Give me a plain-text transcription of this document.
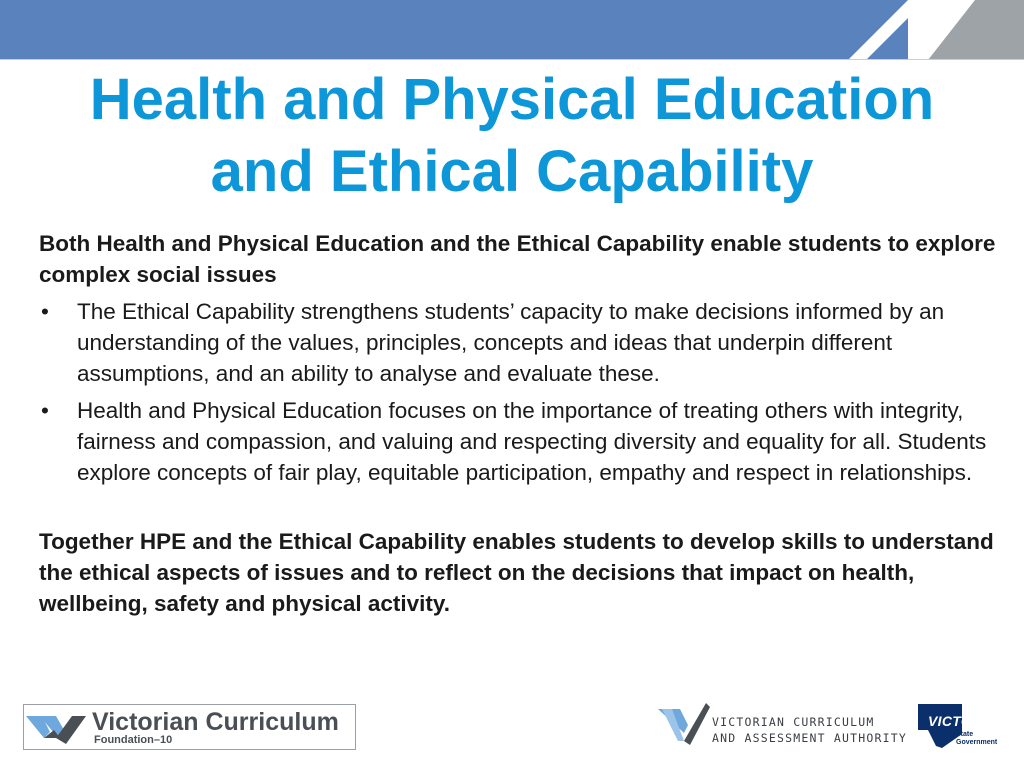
Health and Physical Education
and Ethical Capability

Both Health and Physical Education and the Ethical Capability enable students to explore complex social issues

• The Ethical Capability strengthens students’ capacity to make decisions informed by an understanding of the values, principles, concepts and ideas that underpin different assumptions, and an ability to analyse and evaluate these.
• Health and Physical Education focuses on the importance of treating others with integrity, fairness and compassion, and valuing and respecting diversity and equality for all. Students explore concepts of fair play, equitable participation, empathy and respect in relationships.

Together HPE and the Ethical Capability enables students to develop skills to understand the ethical aspects of issues and to reflect on the decisions that impact on health, wellbeing, safety and physical activity.

Victorian Curriculum
Foundation–10
VICTORIAN CURRICULUM
AND ASSESSMENT AUTHORITY
VICTORIA
State
Government
